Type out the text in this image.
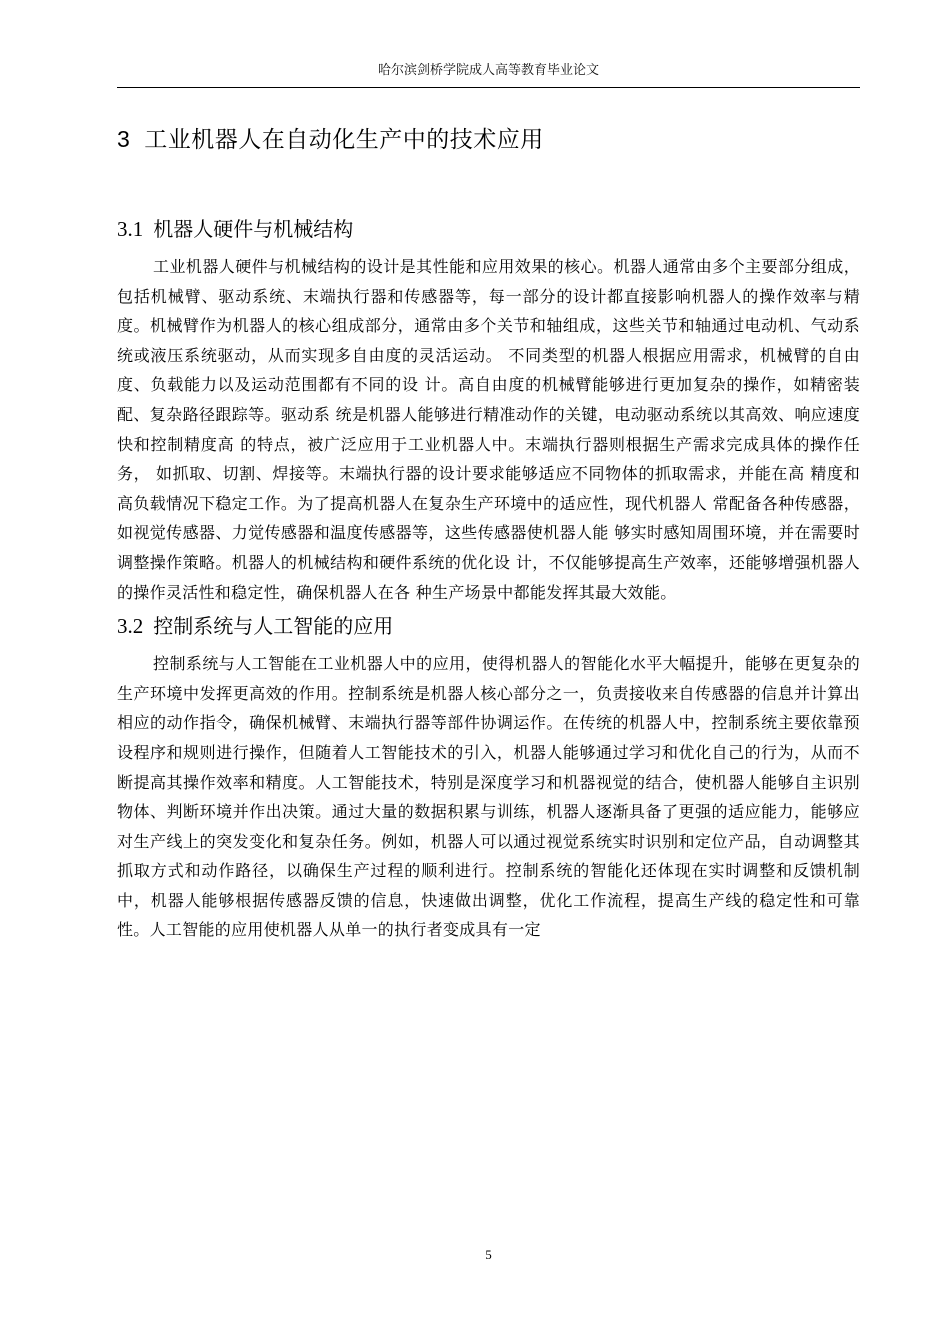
哈尔滨剑桥学院成人高等教育毕业论文
3 工业机器人在自动化生产中的技术应用
3.1 机器人硬件与机械结构

工业机器人硬件与机械结构的设计是其性能和应用效果的核心。机器人通常由多个主要部分组成，包括机械臂、驱动系统、末端执行器和传感器等，每一部分的设计都直接影响机器人的操作效率与精度。机械臂作为机器人的核心组成部分，通常由多个关节和轴组成，这些关节和轴通过电动机、气动系统或液压系统驱动，从而实现多自由度的灵活运动。 不同类型的机器人根据应用需求，机械臂的自由度、负载能力以及运动范围都有不同的设 计。高自由度的机械臂能够进行更加复杂的操作，如精密装配、复杂路径跟踪等。驱动系 统是机器人能够进行精准动作的关键，电动驱动系统以其高效、响应速度快和控制精度高 的特点，被广泛应用于工业机器人中。末端执行器则根据生产需求完成具体的操作任务， 如抓取、切割、焊接等。末端执行器的设计要求能够适应不同物体的抓取需求，并能在高 精度和高负载情况下稳定工作。为了提高机器人在复杂生产环境中的适应性，现代机器人 常配备各种传感器，如视觉传感器、力觉传感器和温度传感器等，这些传感器使机器人能 够实时感知周围环境，并在需要时调整操作策略。机器人的机械结构和硬件系统的优化设 计，不仅能够提高生产效率，还能够增强机器人的操作灵活性和稳定性，确保机器人在各 种生产场景中都能发挥其最大效能。

3.2 控制系统与人工智能的应用

控制系统与人工智能在工业机器人中的应用，使得机器人的智能化水平大幅提升，能够在更复杂的生产环境中发挥更高效的作用。控制系统是机器人核心部分之一，负责接收来自传感器的信息并计算出相应的动作指令，确保机械臂、末端执行器等部件协调运作。在传统的机器人中，控制系统主要依靠预设程序和规则进行操作，但随着人工智能技术的引入，机器人能够通过学习和优化自己的行为，从而不断提高其操作效率和精度。人工智能技术，特别是深度学习和机器视觉的结合，使机器人能够自主识别物体、判断环境并作出决策。通过大量的数据积累与训练，机器人逐渐具备了更强的适应能力，能够应对生产线上的突发变化和复杂任务。例如，机器人可以通过视觉系统实时识别和定位产品，自动调整其抓取方式和动作路径，以确保生产过程的顺利进行。控制系统的智能化还体现在实时调整和反馈机制中，机器人能够根据传感器反馈的信息，快速做出调整，优化工作流程，提高生产线的稳定性和可靠性。人工智能的应用使机器人从单一的执行者变成具有一定

5
